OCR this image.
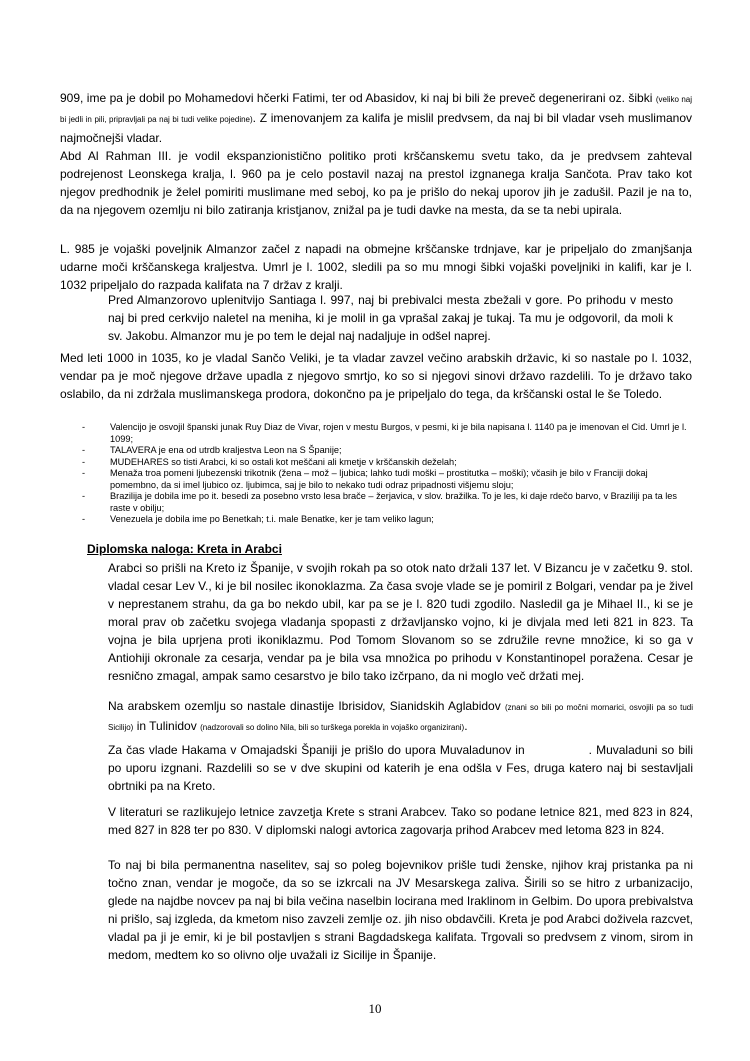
909, ime pa je dobil po Mohamedovi hčerki Fatimi, ter od Abasidov, ki naj bi bili že preveč degenerirani oz. šibki (veliko naj bi jedli in pili, pripravljali pa naj bi tudi velike pojedine). Z imenovanjem za kalifa je mislil predvsem, da naj bi bil vladar vseh muslimanov najmočnejši vladar.

Abd Al Rahman III. je vodil ekspanzionistično politiko proti krščanskemu svetu tako, da je predvsem zahteval podrejenost Leonskega kralja, l. 960 pa je celo postavil nazaj na prestol izgnanega kralja Sančota. Prav tako kot njegov predhodnik je želel pomiriti muslimane med seboj, ko pa je prišlo do nekaj uporov jih je zadušil. Pazil je na to, da na njegovem ozemlju ni bilo zatiranja kristjanov, znižal pa je tudi davke na mesta, da se ta nebi upirala.

L. 985 je vojaški poveljnik Almanzor začel z napadi na obmejne krščanske trdnjave, kar je pripeljalo do zmanjšanja udarne moči krščanskega kraljestva. Umrl je l. 1002, sledili pa so mu mnogi šibki vojaški poveljniki in kalifi, kar je l. 1032 pripeljalo do razpada kalifata na 7 držav z kralji.

Pred Almanzorovo uplenitvijo Santiaga l. 997, naj bi prebivalci mesta zbežali v gore. Po prihodu v mesto naj bi pred cerkvijo naletel na meniha, ki je molil in ga vprašal zakaj je tukaj. Ta mu je odgovoril, da moli k sv. Jakobu. Almanzor mu je po tem le dejal naj nadaljuje in odšel naprej.

Med leti 1000 in 1035, ko je vladal Sančo Veliki, je ta vladar zavzel večino arabskih državic, ki so nastale po l. 1032, vendar pa je moč njegove države upadla z njegovo smrtjo, ko so si njegovi sinovi državo razdelili. To je državo tako oslabilo, da ni zdržala muslimanskega prodora, dokončno pa je pripeljalo do tega, da krščanski ostal le še Toledo.

-	Valencijo je osvojil španski junak Ruy Diaz de Vivar, rojen v mestu Burgos, v pesmi, ki je bila napisana l. 1140 pa je imenovan el Cid. Umrl je l. 1099;
-	TALAVERA je ena od utrdb kraljestva Leon na S Španije;
-	MUDEHARES so tisti Arabci, ki so ostali kot meščani ali kmetje v krščanskih deželah;
-	Menaža troa pomeni ljubezenski trikotnik (žena – mož – ljubica; lahko tudi moški – prostitutka – moški); včasih je bilo v Franciji dokaj pomembno, da si imel ljubico oz. ljubimca, saj je bilo to nekako tudi odraz pripadnosti višjemu sloju;
-	Brazilija je dobila ime po it. besedi za posebno vrsto lesa brače – žerjavica, v slov. bražilka. To je les, ki daje rdečo barvo, v Braziliji pa ta les raste v obilju;
-	Venezuela je dobila ime po Benetkah; t.i. male Benatke, ker je tam veliko lagun;

Diplomska naloga: Kreta in Arabci

Arabci so prišli na Kreto iz Španije, v svojih rokah pa so otok nato držali 137 let. V Bizancu je v začetku 9. stol. vladal cesar Lev V., ki je bil nosilec ikonoklazma. Za časa svoje vlade se je pomiril z Bolgari, vendar pa je živel v neprestanem strahu, da ga bo nekdo ubil, kar pa se je l. 820 tudi zgodilo. Nasledil ga je Mihael II., ki se je moral prav ob začetku svojega vladanja spopasti z državljansko vojno, ki je divjala med leti 821 in 823. Ta vojna je bila uprjena proti ikoniklazmu. Pod Tomom Slovanom so se združile revne množice, ki so ga v Antiohiji okronale za cesarja, vendar pa je bila vsa množica po prihodu v Konstantinopel poražena. Cesar je resnično zmagal, ampak samo cesarstvo je bilo tako izčrpano, da ni moglo več držati mej.

Na arabskem ozemlju so nastale dinastije Ibrisidov, Sianidskih Aglabidov (znani so bili po močni mornarici, osvojili pa so tudi Sicilijo) in Tulinidov (nadzorovali so dolino Nila, bili so turškega porekla in vojaško organizirani).

Za čas vlade Hakama v Omajadski Španiji je prišlo do upora Muvaladunov in	. Muvaladuni so bili po uporu izgnani. Razdelili so se v dve skupini od katerih je ena odšla v Fes, druga katero naj bi sestavljali obrtniki pa na Kreto.

V literaturi se razlikujejo letnice zavzetja Krete s strani Arabcev. Tako so podane letnice 821, med 823 in 824, med 827 in 828 ter po 830. V diplomski nalogi avtorica zagovarja prihod Arabcev med letoma 823 in 824.

To naj bi bila permanentna naselitev, saj so poleg bojevnikov prišle tudi ženske, njihov kraj pristanka pa ni točno znan, vendar je mogoče, da so se izkrcali na JV Mesarskega zaliva. Širili so se hitro z urbanizacijo, glede na najdbe novcev pa naj bi bila večina naselbin locirana med Iraklinom in Gelbim. Do upora prebivalstva ni prišlo, saj izgleda, da kmetom niso zavzeli zemlje oz. jih niso obdavčili. Kreta je pod Arabci doživela razcvet, vladal pa ji je emir, ki je bil postavljen s strani Bagdadskega kalifata. Trgovali so predvsem z vinom, sirom in medom, medtem ko so olivno olje uvažali iz Sicilije in Španije.

10
